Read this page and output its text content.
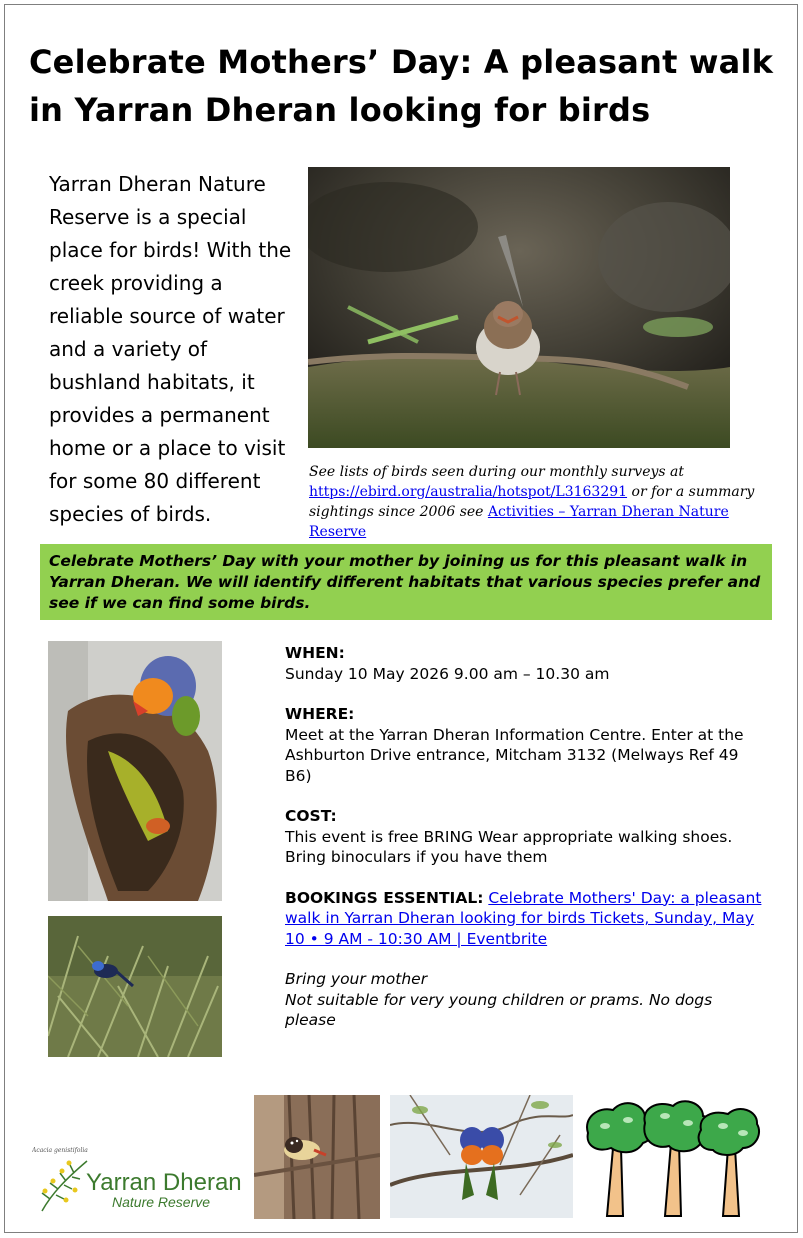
Celebrate Mothers’ Day: A pleasant walk in Yarran Dheran looking for birds

Yarran Dheran Nature Reserve is a special place for birds! With the creek providing a reliable source of water and a variety of bushland habitats, it provides a permanent home or a place to visit for some 80 different species of birds.

See lists of birds seen during our monthly surveys at
https://ebird.org/australia/hotspot/L3163291 or for a summary sightings since 2006 see Activities – Yarran Dheran Nature Reserve
Celebrate Mothers’ Day with your mother by joining us for this pleasant walk in Yarran Dheran. We will identify different habitats that various species prefer and see if we can find some birds.
WHEN:
Sunday 10 May 2026 9.00 am – 10.30 am
WHERE:
Meet at the Yarran Dheran Information Centre. Enter at the Ashburton Drive entrance, Mitcham 3132 (Melways Ref 49 B6)
COST:
This event is free BRING Wear appropriate walking shoes. Bring binoculars if you have them
BOOKINGS ESSENTIAL: Celebrate Mothers' Day: a pleasant walk in Yarran Dheran looking for birds Tickets, Sunday, May 10 • 9 AM - 10:30 AM | Eventbrite
Bring your mother
Not suitable for very young children or prams. No dogs please
Acacia genistifolia
Yarran Dheran
Nature Reserve
